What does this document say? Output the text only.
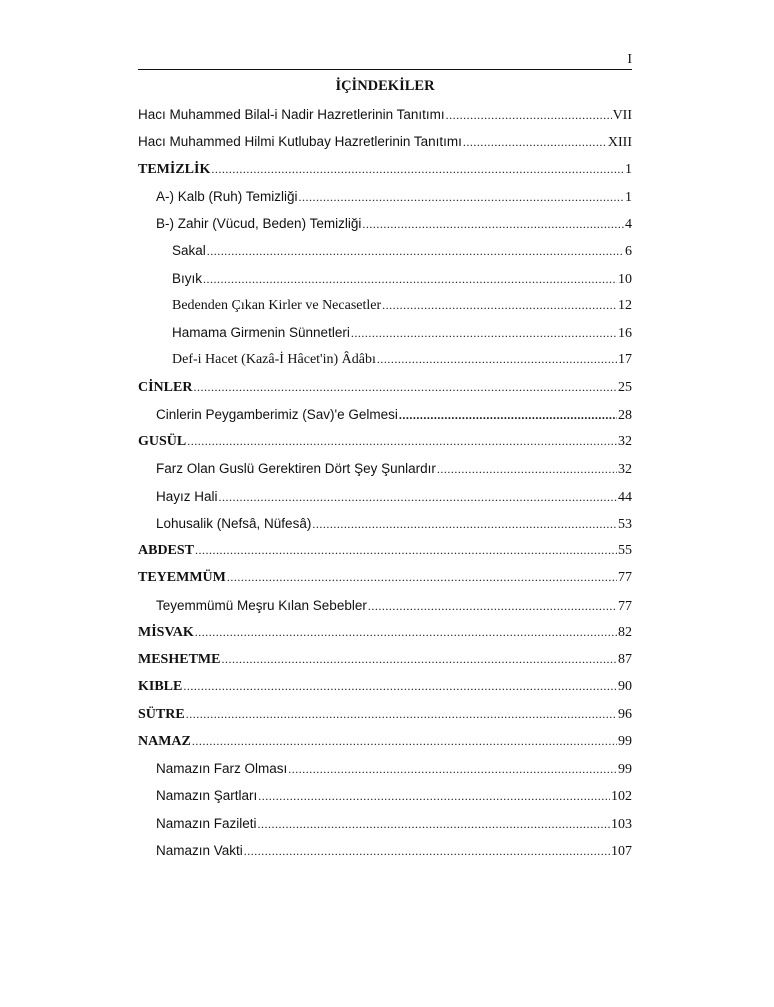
I
İÇİNDEKİLER
Hacı Muhammed Bilal-i Nadir Hazretlerinin Tanıtımı .....	VII
Hacı Muhammed Hilmi Kutlubay Hazretlerinin Tanıtımı .....	XIII
TEMİZLİK .....	1
A-) Kalb (Ruh) Temizliği .....	1
B-) Zahir (Vücud, Beden) Temizliği .....	4
Sakal .....	6
Bıyık .....	10
Bedenden Çıkan Kirler ve Necasetler .....	12
Hamama Girmenin Sünnetleri .....	16
Def-i Hacet (Kazâ-İ Hâcet'in) Âdâbı .....	17
CİNLER .....	25
Cinlerin Peygamberimiz (Sav)'e Gelmesi .....	28
GUSÜL .....	32
Farz Olan Guslü Gerektiren Dört Şey Şunlardır .....	32
Hayız Hali .....	44
Lohusalik (Nefsâ, Nüfesâ) .....	53
ABDEST .....	55
TEYEMMÜM .....	77
Teyemmümü Meşru Kılan Sebebler .....	77
MİSVAK .....	82
MESHETME .....	87
KIBLE .....	90
SÜTRE .....	96
NAMAZ .....	99
Namazın Farz Olması .....	99
Namazın Şartları .....	102
Namazın Fazileti .....	103
Namazın Vakti .....	107
